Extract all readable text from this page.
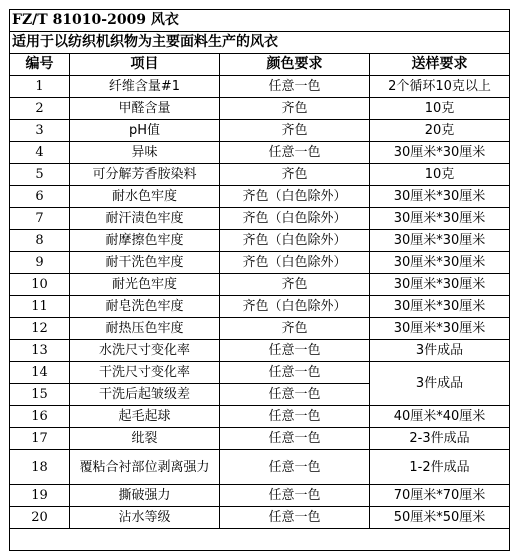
FZ/T 81010-2009 风衣			
适用于以纺织机织物为主要面料生产的风衣			
编号	项目	颜色要求	送样要求
1	纤维含量#1	任意一色	2个循环10克以上
2	甲醛含量	齐色	10克
3	pH值	齐色	20克
4	异味	任意一色	30厘米*30厘米
5	可分解芳香胺染料	齐色	10克
6	耐水色牢度	齐色（白色除外）	30厘米*30厘米
7	耐汗渍色牢度	齐色（白色除外）	30厘米*30厘米
8	耐摩擦色牢度	齐色（白色除外）	30厘米*30厘米
9	耐干洗色牢度	齐色（白色除外）	30厘米*30厘米
10	耐光色牢度	齐色	30厘米*30厘米
11	耐皂洗色牢度	齐色（白色除外）	30厘米*30厘米
12	耐热压色牢度	齐色	30厘米*30厘米
13	水洗尺寸变化率	任意一色	3件成品
14	干洗尺寸变化率	任意一色	3件成品
15	干洗后起皱级差	任意一色	
16	起毛起球	任意一色	40厘米*40厘米
17	纰裂	任意一色	2-3件成品
18	覆粘合衬部位剥离强力	任意一色	1-2件成品
19	撕破强力	任意一色	70厘米*70厘米
20	沾水等级	任意一色	50厘米*50厘米
